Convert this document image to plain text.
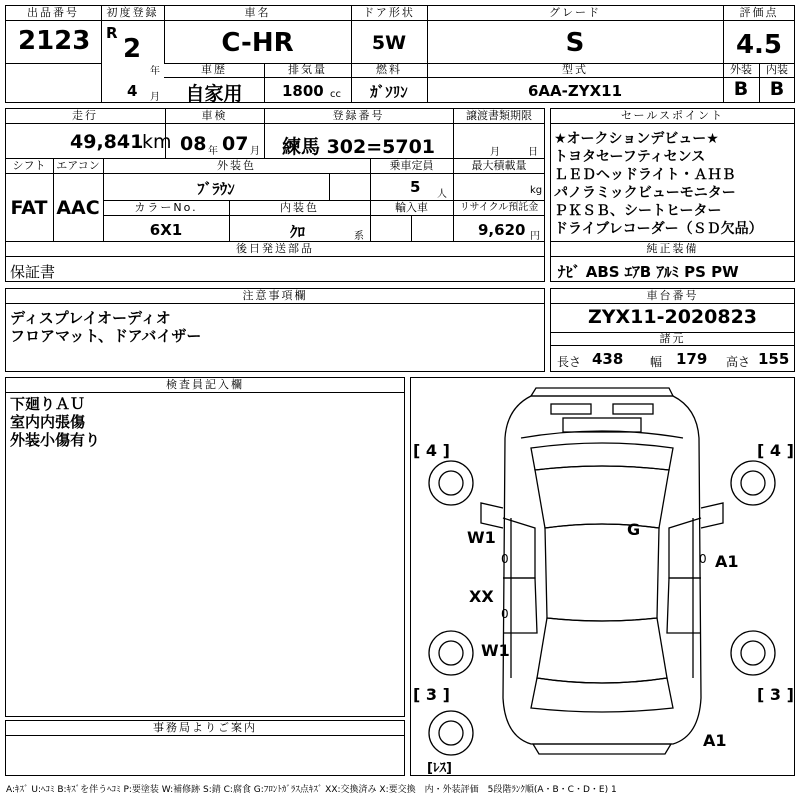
出品番号
2123
初度登録
R
2
年
4 月
車名
C-HR
ドア形状
5W
グレード
S
車歴
自家用
排気量
1800 cc
燃料
ｶﾞｿﾘﾝ
型式
6AA-ZYX11
評価点
4.5
外装
B
内装
B
走行
49,841
km
車検
08 年 07 月
登録番号
練馬 302=5701
譲渡書類期限
月	日
シフト
FAT
エアコン
AAC
外装色
ﾌﾞﾗｳﾝ
乗車定員
5 人
最大積載量
kg
カラーNo.
6X1
内装色
ｸﾛ	系
輸入車	リサイクル預託金
9,620 円
後日発送部品
保証書
セールスポイント
★オークションデビュー★
トヨタセーフティセンス
ＬＥＤヘッドライト・ＡＨＢ
パノラミックビューモニター
ＰＫＳＢ、シートヒーター
ドライブレコーダー（ＳＤ欠品）
純正装備
ﾅﾋﾞ ABS ｴｱB ｱﾙﾐ PS PW
注意事項欄
ディスプレイオーディオ
フロアマット、ドアバイザー
車台番号
ZYX11-2020823
諸元
長さ 438 幅 179 高さ 155
検査員記入欄
下廻りＡＵ
室内内張傷
外装小傷有り
事務局よりご案内
[ 4 ]	[ 4 ]
[ 3 ]	[ 3 ]
[ﾚｽ]
G
W1
A1
XX
W1
A1
0	0
0
A:ｷｽﾞ U:ﾍｺﾐ B:ｷｽﾞを伴うﾍｺﾐ P:要塗装 W:補修跡 S:錆 C:腐食 G:ﾌﾛﾝﾄｶﾞﾗｽ点ｷｽﾞ XX:交換済み X:要交換　内・外装評価　5段階ﾗﾝｸ順(A・B・C・D・E) 1
